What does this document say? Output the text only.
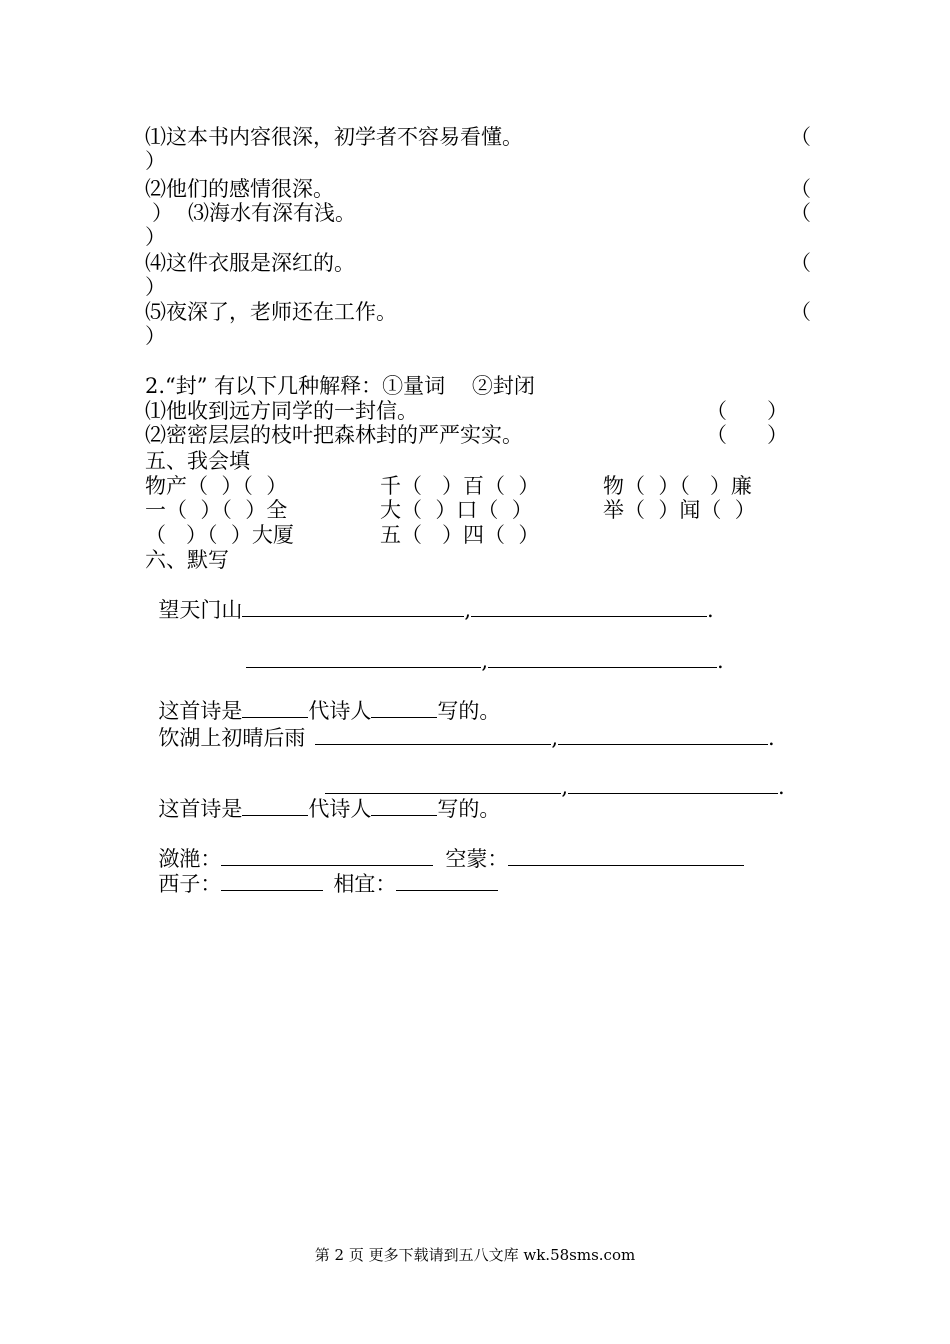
⑴这本书内容很深，初学者不容易看懂。	（
）
⑵他们的感情很深。	（
） ⑶海水有深有浅。	（
）
⑷这件衣服是深红的。	（
）
⑸夜深了，老师还在工作。	（
）
2.“封” 有以下几种解释：①量词    ②封闭
⑴他收到远方同学的一封信。	（      ）
⑵密密层层的枝叶把森林封的严严实实。	（      ）
五、我会填
物产（  ）（  ）	千（   ）百（  ）	物（  ）（   ）廉
一（  ）（  ）全	大（  ）口（  ）	举（  ）闻（  ）
（   ）（  ）大厦	五（   ）四（  ）
六、默写

望天门山	,	.

,	.

这首诗是	代诗人	写的。

饮湖上初晴后雨	,	.

,	.

这首诗是	代诗人	写的。

潋滟：	空蒙：

西子：	相宜：

第 2 页 更多下载请到五八文库 wk.58sms.com
